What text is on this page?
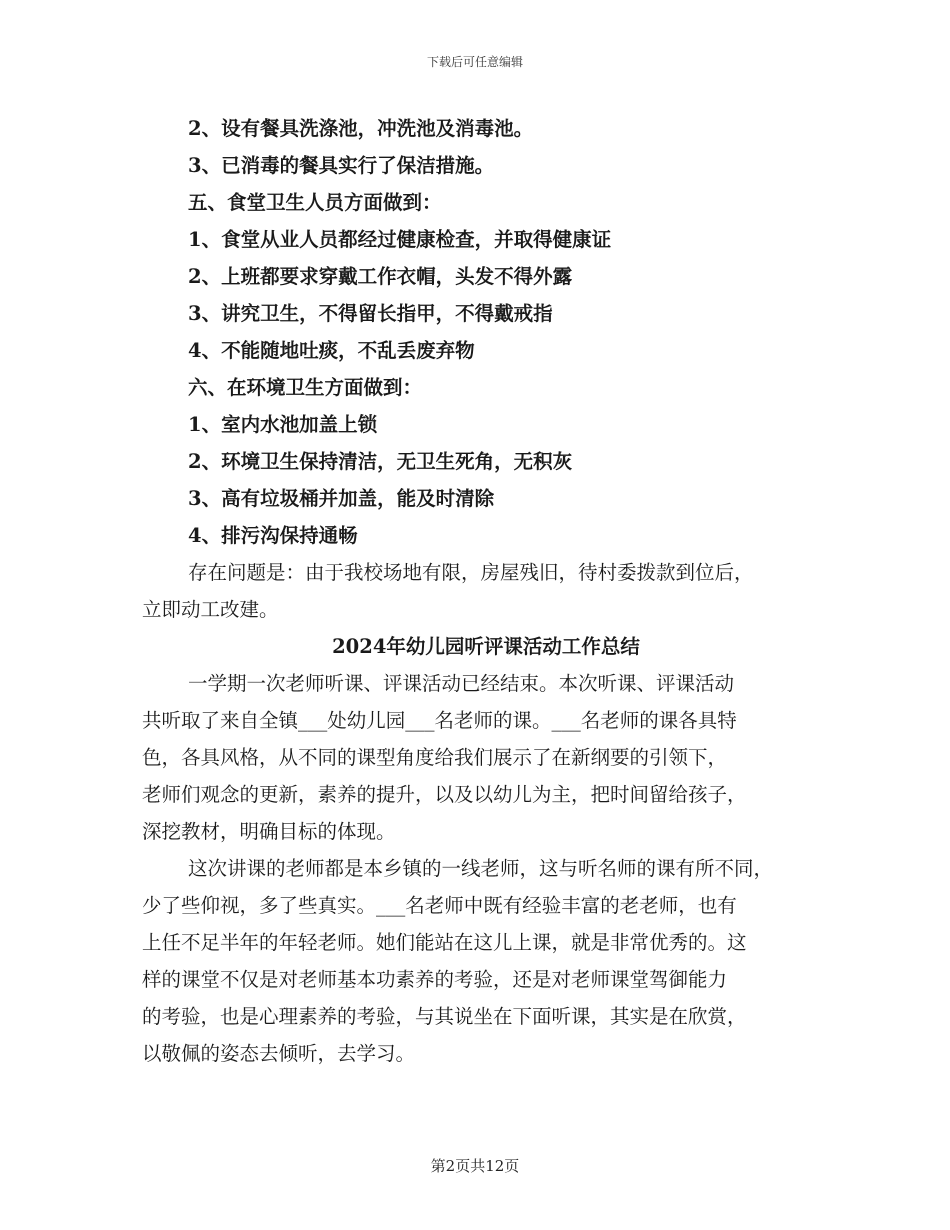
下载后可任意编辑
2、设有餐具洗涤池，冲洗池及消毒池。
3、已消毒的餐具实行了保洁措施。
五、食堂卫生人员方面做到：
1、食堂从业人员都经过健康检查，并取得健康证
2、上班都要求穿戴工作衣帽，头发不得外露
3、讲究卫生，不得留长指甲，不得戴戒指
4、不能随地吐痰，不乱丢废弃物
六、在环境卫生方面做到：
1、室内水池加盖上锁
2、环境卫生保持清洁，无卫生死角，无积灰
3、高有垃圾桶并加盖，能及时清除
4、排污沟保持通畅
存在问题是：由于我校场地有限，房屋残旧，待村委拨款到位后，
立即动工改建。
2024年幼儿园听评课活动工作总结
一学期一次老师听课、评课活动已经结束。本次听课、评课活动
共听取了来自全镇___处幼儿园___名老师的课。___名老师的课各具特
色，各具风格，从不同的课型角度给我们展示了在新纲要的引领下，
老师们观念的更新，素养的提升，以及以幼儿为主，把时间留给孩子，
深挖教材，明确目标的体现。
这次讲课的老师都是本乡镇的一线老师，这与听名师的课有所不同，
少了些仰视，多了些真实。___名老师中既有经验丰富的老老师，也有
上任不足半年的年轻老师。她们能站在这儿上课，就是非常优秀的。这
样的课堂不仅是对老师基本功素养的考验，还是对老师课堂驾御能力
的考验，也是心理素养的考验，与其说坐在下面听课，其实是在欣赏，
以敬佩的姿态去倾听，去学习。
第2页共12页
